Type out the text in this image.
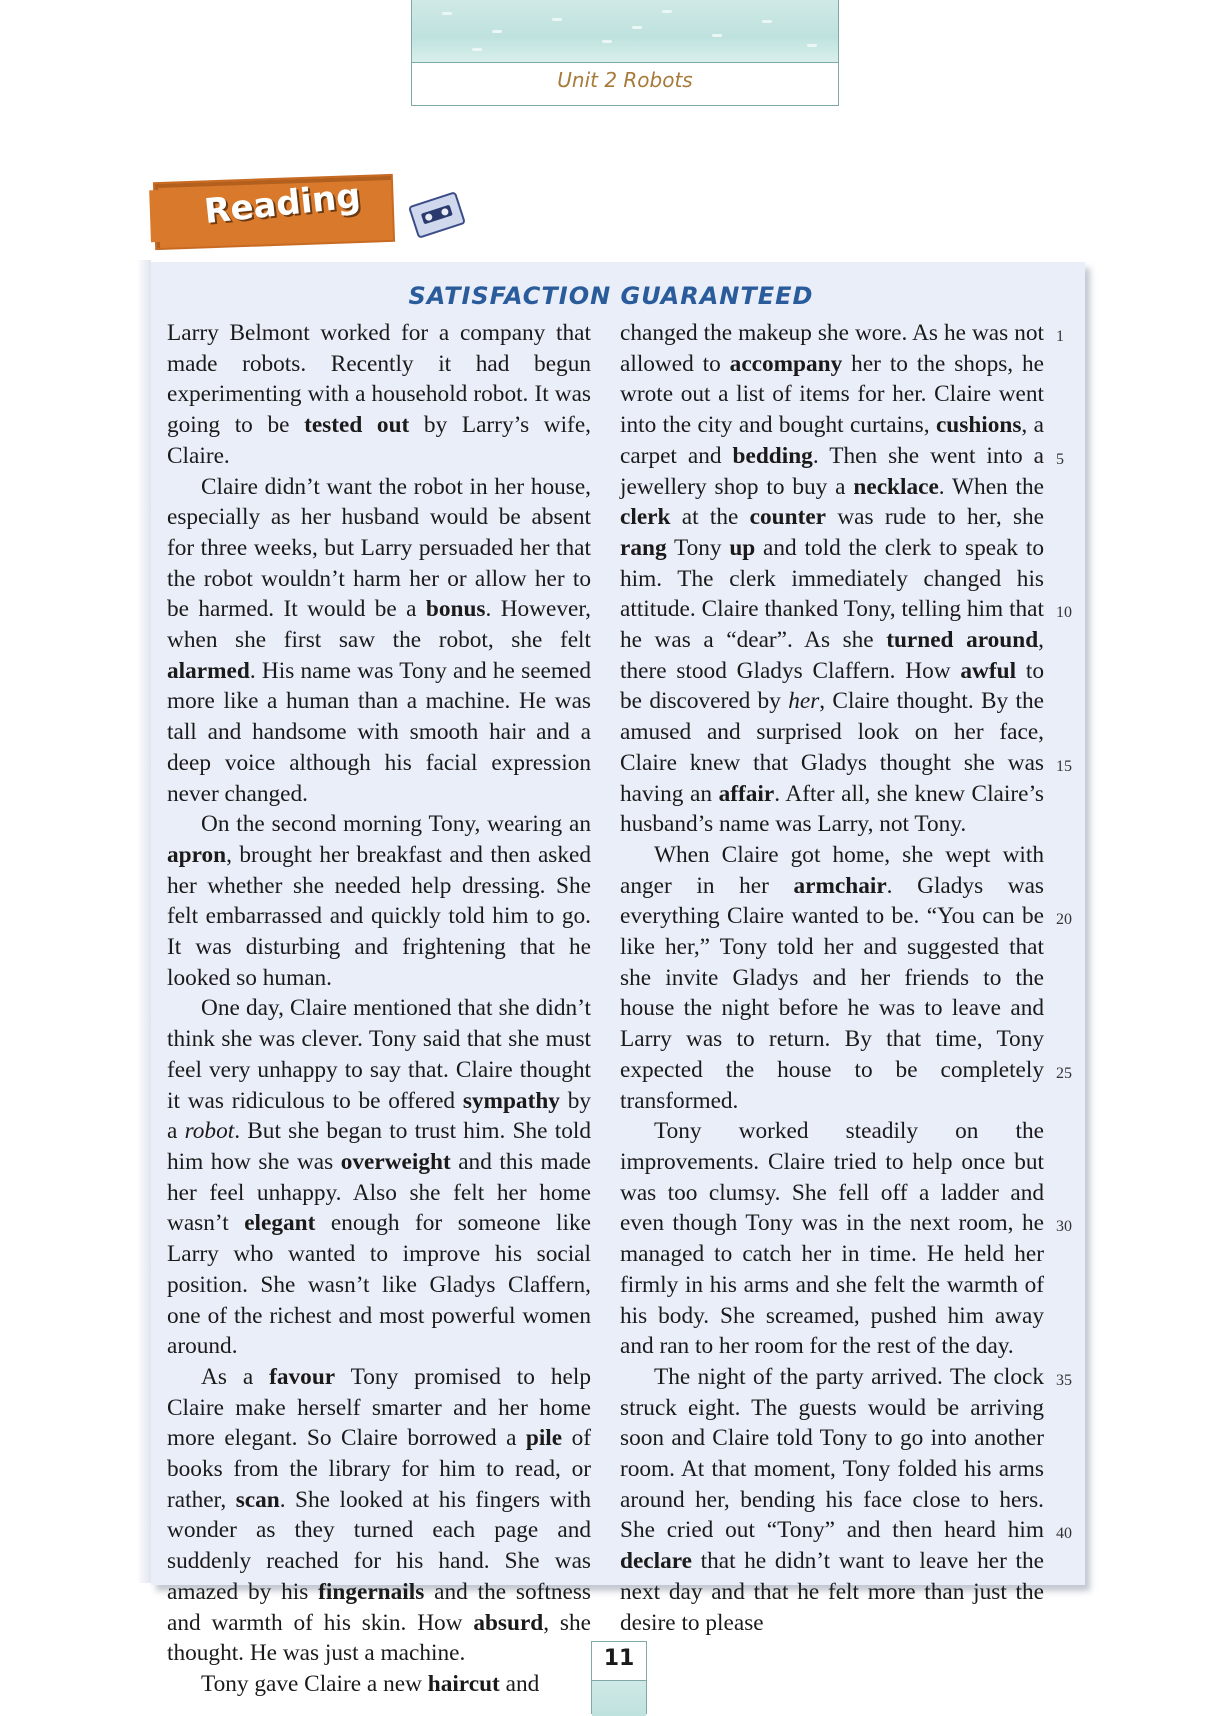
Unit 2 Robots
Reading
SATISFACTION GUARANTEED

Larry Belmont worked for a company that made robots. Recently it had begun experimenting with a household robot. It was going to be tested out by Larry’s wife, Claire.

Claire didn’t want the robot in her house, especially as her husband would be absent for three weeks, but Larry persuaded her that the robot wouldn’t harm her or allow her to be harmed. It would be a bonus. However, when she first saw the robot, she felt alarmed. His name was Tony and he seemed more like a human than a machine. He was tall and handsome with smooth hair and a deep voice although his facial expression never changed.

On the second morning Tony, wearing an apron, brought her breakfast and then asked her whether she needed help dressing. She felt embarrassed and quickly told him to go. It was disturbing and frightening that he looked so human.

One day, Claire mentioned that she didn’t think she was clever. Tony said that she must feel very unhappy to say that. Claire thought it was ridiculous to be offered sympathy by a robot. But she began to trust him. She told him how she was overweight and this made her feel unhappy. Also she felt her home wasn’t elegant enough for someone like Larry who wanted to improve his social position. She wasn’t like Gladys Claffern, one of the richest and most powerful women around.

As a favour Tony promised to help Claire make herself smarter and her home more elegant. So Claire borrowed a pile of books from the library for him to read, or rather, scan. She looked at his fingers with wonder as they turned each page and suddenly reached for his hand. She was amazed by his fingernails and the softness and warmth of his skin. How absurd, she thought. He was just a machine.

Tony gave Claire a new haircut and

changed the makeup she wore. As he was not allowed to accompany her to the shops, he wrote out a list of items for her. Claire went into the city and bought curtains, cushions, a carpet and bedding. Then she went into a jewellery shop to buy a necklace. When the clerk at the counter was rude to her, she rang Tony up and told the clerk to speak to him. The clerk immediately changed his attitude. Claire thanked Tony, telling him that he was a “dear”. As she turned around, there stood Gladys Claffern. How awful to be discovered by her, Claire thought. By the amused and surprised look on her face, Claire knew that Gladys thought she was having an affair. After all, she knew Claire’s husband’s name was Larry, not Tony.

When Claire got home, she wept with anger in her armchair. Gladys was everything Claire wanted to be. “You can be like her,” Tony told her and suggested that she invite Gladys and her friends to the house the night before he was to leave and Larry was to return. By that time, Tony expected the house to be completely transformed.

Tony worked steadily on the improvements. Claire tried to help once but was too clumsy. She fell off a ladder and even though Tony was in the next room, he managed to catch her in time. He held her firmly in his arms and she felt the warmth of his body. She screamed, pushed him away and ran to her room for the rest of the day.

The night of the party arrived. The clock struck eight. The guests would be arriving soon and Claire told Tony to go into another room. At that moment, Tony folded his arms around her, bending his face close to hers. She cried out “Tony” and then heard him declare that he didn’t want to leave her the next day and that he felt more than just the desire to please

1
5
10
15
20
25
30
35
40
11
